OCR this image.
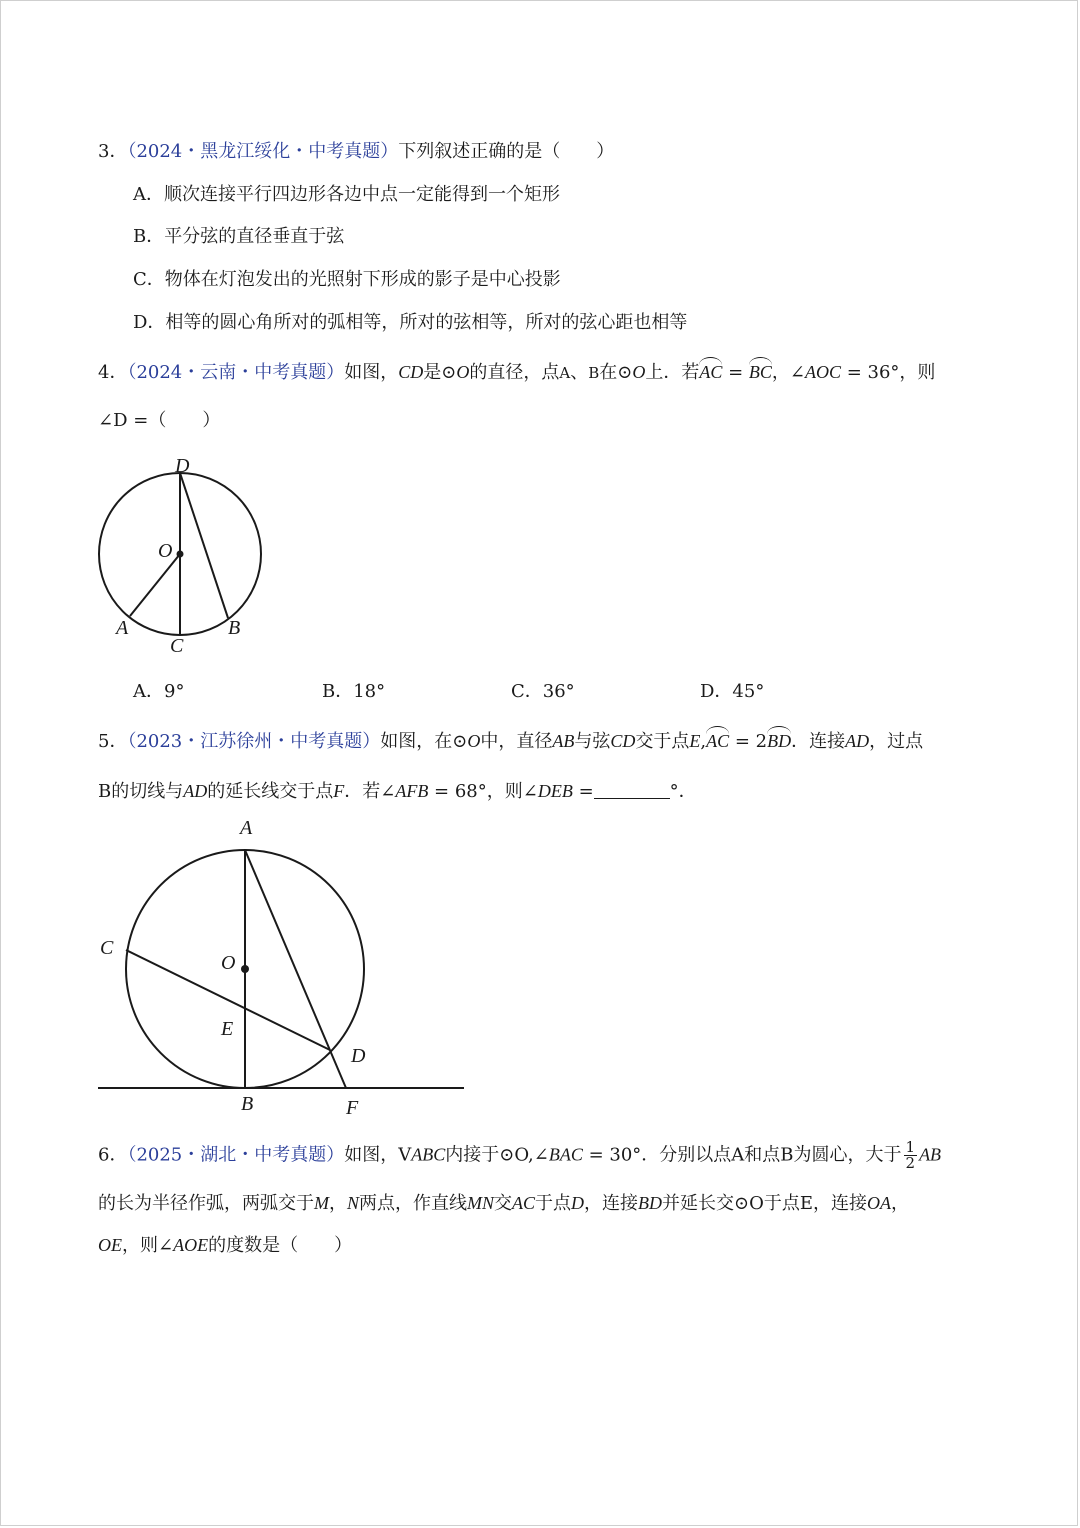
3．（2024・黑龙江绥化・中考真题）下列叙述正确的是（　　）
A．顺次连接平行四边形各边中点一定能得到一个矩形
B．平分弦的直径垂直于弦
C．物体在灯泡发出的光照射下形成的影子是中心投影
D．相等的圆心角所对的弧相等，所对的弦相等，所对的弦心距也相等
4．（2024・云南・中考真题）如图，CD是⊙O的直径，点A、B在⊙O上．若AC = BC，∠AOC = 36°，则
∠D =（　　）
D
O
A
C
B
A．9°	B．18°	C．36°	D．45°
5．（2023・江苏徐州・中考真题）如图，在⊙O中，直径AB与弦CD交于点E,AC = 2BD．连接AD，过点
B的切线与AD的延长线交于点F．若∠AFB = 68°，则∠DEB =	°．
A
C
O
E
D
B	F
6．（2025・湖北・中考真题）如图，VABC内接于⊙O,∠BAC = 30°．分别以点A和点B为圆心，大于 $\frac{1}{2}$ AB
的长为半径作弧，两弧交于M，N两点，作直线MN交AC于点D，连接BD并延长交⊙O于点E，连接OA，
OE，则∠AOE的度数是（　　）
